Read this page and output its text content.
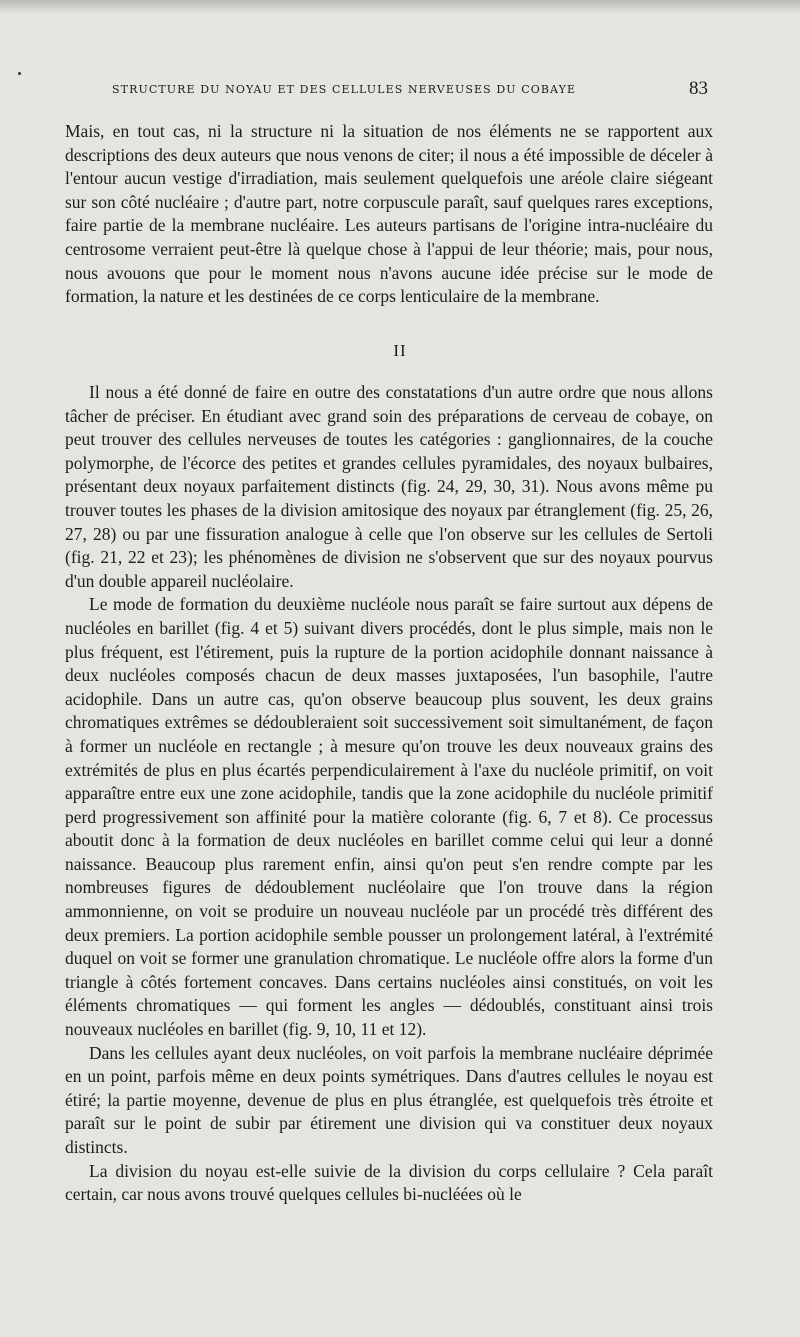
STRUCTURE DU NOYAU ET DES CELLULES NERVEUSES DU COBAYE	83

Mais, en tout cas, ni la structure ni la situation de nos éléments ne se rapportent aux descriptions des deux auteurs que nous venons de citer; il nous a été impossible de déceler à l'entour aucun vestige d'irradiation, mais seulement quelquefois une aréole claire siégeant sur son côté nucléaire ; d'autre part, notre corpuscule paraît, sauf quelques rares exceptions, faire partie de la membrane nucléaire. Les auteurs partisans de l'origine intra-nucléaire du centrosome verraient peut-être là quelque chose à l'appui de leur théorie; mais, pour nous, nous avouons que pour le moment nous n'avons aucune idée précise sur le mode de formation, la nature et les destinées de ce corps lenticulaire de la membrane.

II

Il nous a été donné de faire en outre des constatations d'un autre ordre que nous allons tâcher de préciser. En étudiant avec grand soin des préparations de cerveau de cobaye, on peut trouver des cellules nerveuses de toutes les catégories : ganglionnaires, de la couche polymorphe, de l'écorce des petites et grandes cellules pyramidales, des noyaux bulbaires, présentant deux noyaux parfaitement distincts (fig. 24, 29, 30, 31). Nous avons même pu trouver toutes les phases de la division amitosique des noyaux par étranglement (fig. 25, 26, 27, 28) ou par une fissuration analogue à celle que l'on observe sur les cellules de Sertoli (fig. 21, 22 et 23); les phénomènes de division ne s'observent que sur des noyaux pourvus d'un double appareil nucléolaire.

Le mode de formation du deuxième nucléole nous paraît se faire surtout aux dépens de nucléoles en barillet (fig. 4 et 5) suivant divers procédés, dont le plus simple, mais non le plus fréquent, est l'étirement, puis la rupture de la portion acidophile donnant naissance à deux nucléoles composés chacun de deux masses juxtaposées, l'un basophile, l'autre acidophile. Dans un autre cas, qu'on observe beaucoup plus souvent, les deux grains chromatiques extrêmes se dédoubleraient soit successivement soit simultanément, de façon à former un nucléole en rectangle ; à mesure qu'on trouve les deux nouveaux grains des extrémités de plus en plus écartés perpendiculairement à l'axe du nucléole primitif, on voit apparaître entre eux une zone acidophile, tandis que la zone acidophile du nucléole primitif perd progressivement son affinité pour la matière colorante (fig. 6, 7 et 8). Ce processus aboutit donc à la formation de deux nucléoles en barillet comme celui qui leur a donné naissance. Beaucoup plus rarement enfin, ainsi qu'on peut s'en rendre compte par les nombreuses figures de dédoublement nucléolaire que l'on trouve dans la région ammonnienne, on voit se produire un nouveau nucléole par un procédé très différent des deux premiers. La portion acidophile semble pousser un prolongement latéral, à l'extrémité duquel on voit se former une granulation chromatique. Le nucléole offre alors la forme d'un triangle à côtés fortement concaves. Dans certains nucléoles ainsi constitués, on voit les éléments chromatiques — qui forment les angles — dédoublés, constituant ainsi trois nouveaux nucléoles en barillet (fig. 9, 10, 11 et 12).

Dans les cellules ayant deux nucléoles, on voit parfois la membrane nucléaire déprimée en un point, parfois même en deux points symétriques. Dans d'autres cellules le noyau est étiré; la partie moyenne, devenue de plus en plus étranglée, est quelquefois très étroite et paraît sur le point de subir par étirement une division qui va constituer deux noyaux distincts.

La division du noyau est-elle suivie de la division du corps cellulaire ? Cela paraît certain, car nous avons trouvé quelques cellules bi-nucléées où le
